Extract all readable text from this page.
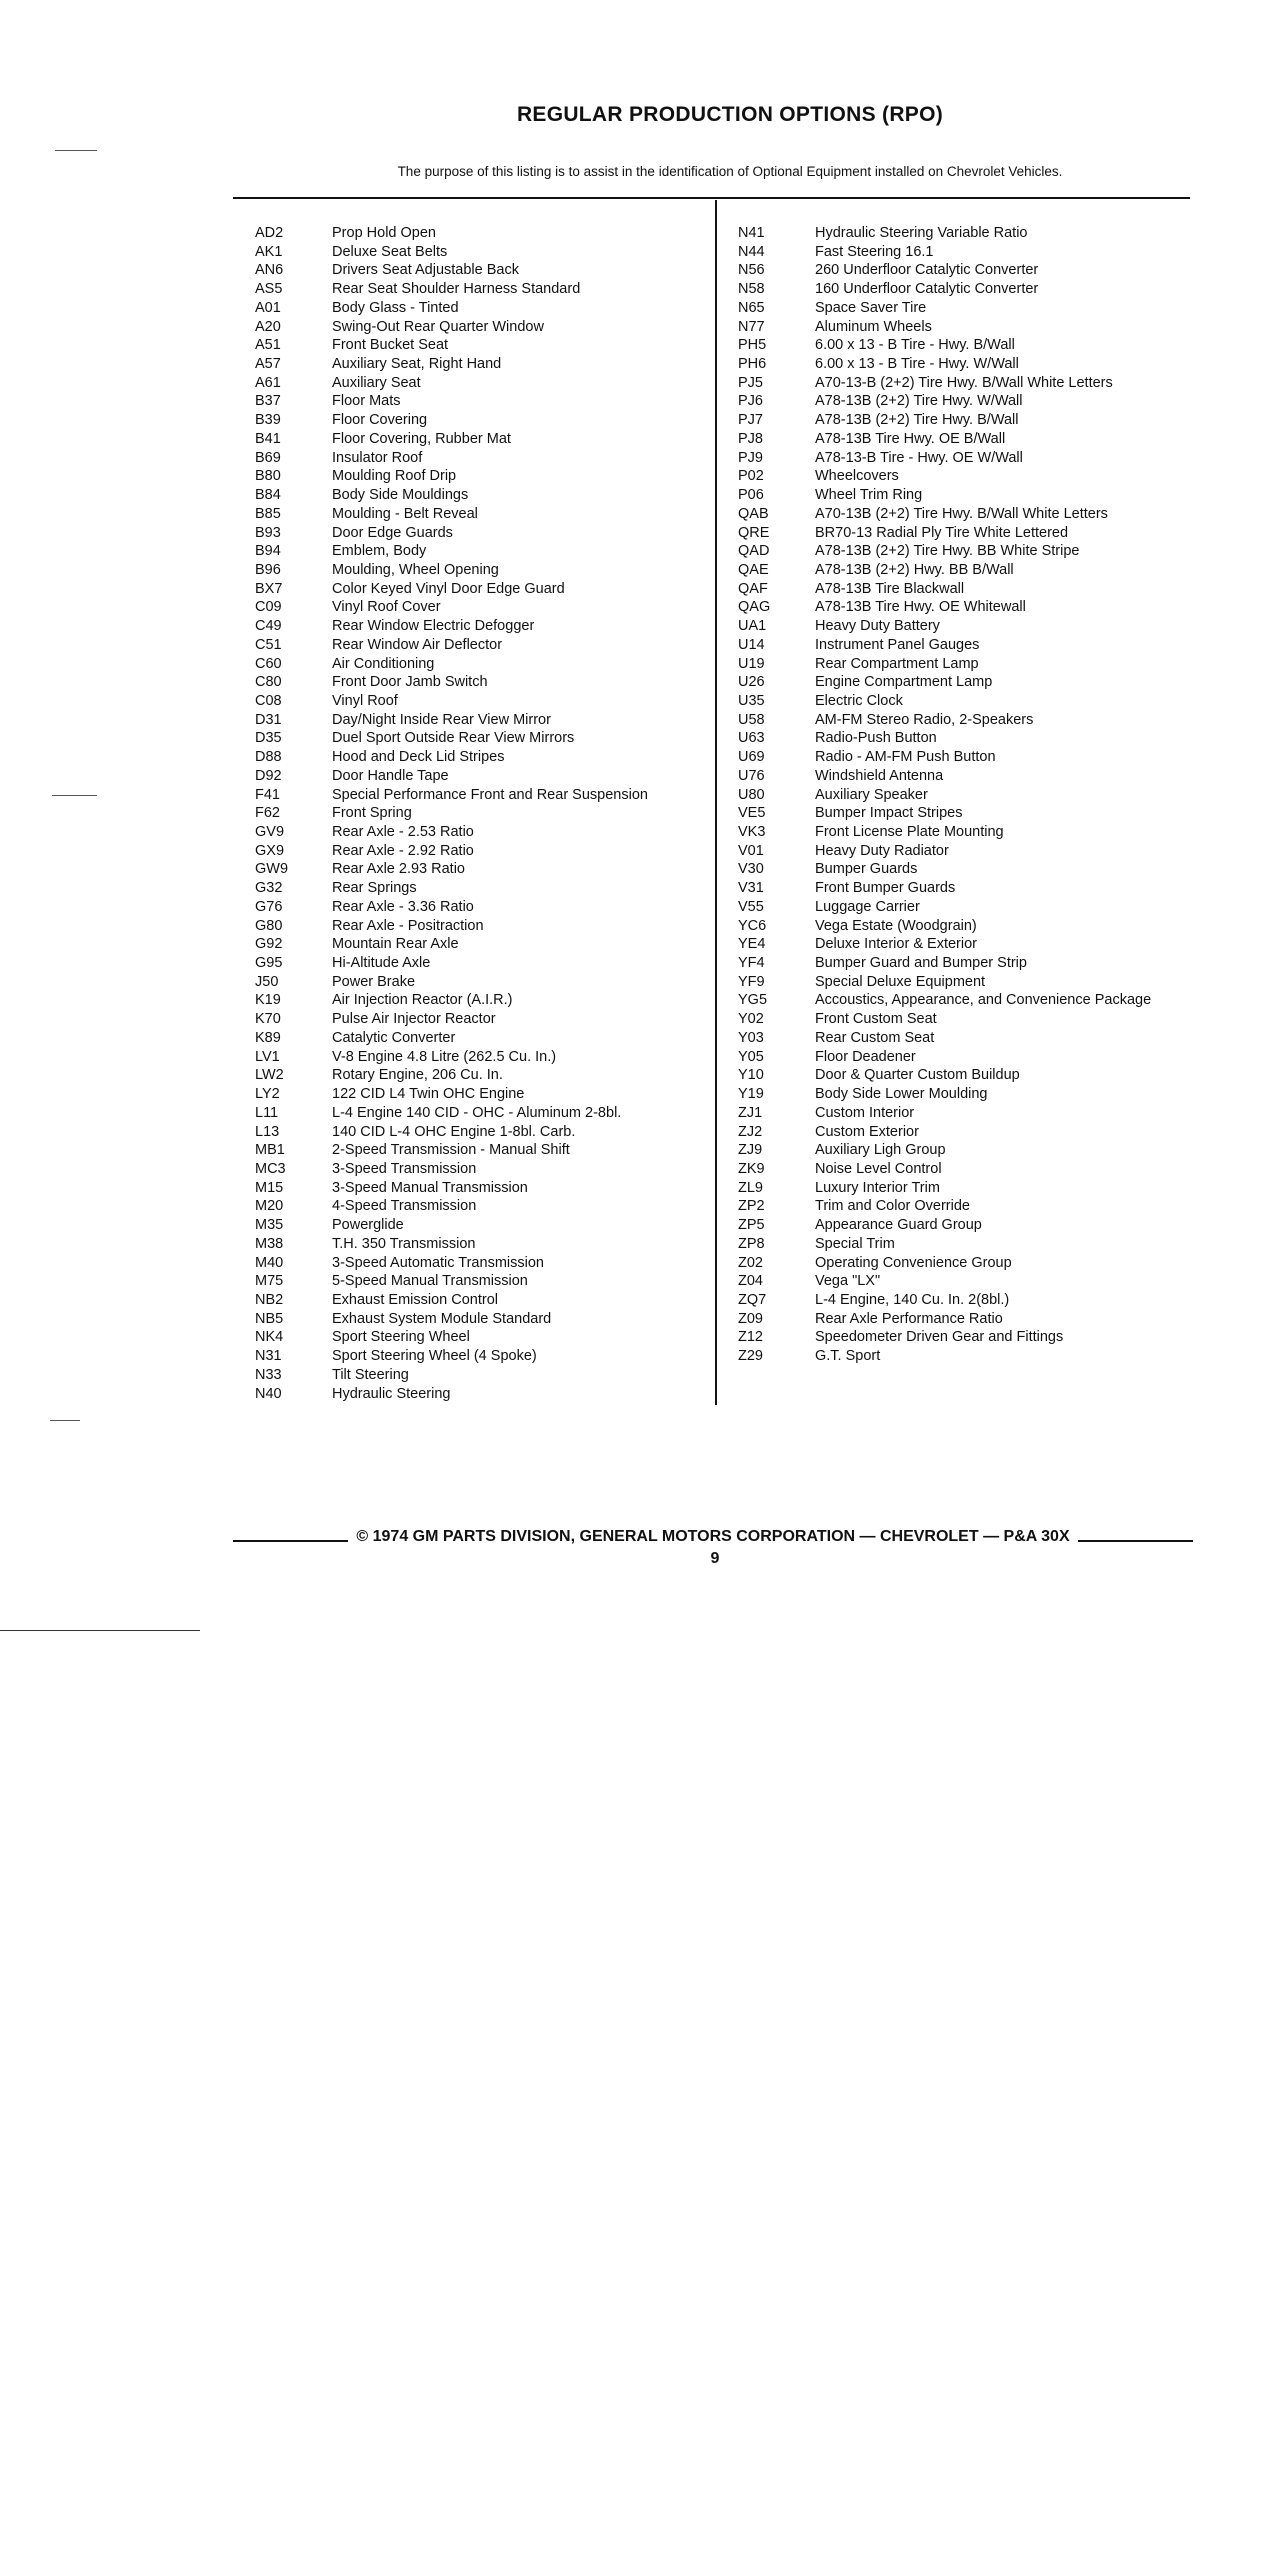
REGULAR PRODUCTION OPTIONS (RPO)
The purpose of this listing is to assist in the identification of Optional Equipment installed on Chevrolet Vehicles.
AD2	Prop Hold Open
AK1	Deluxe Seat Belts
AN6	Drivers Seat Adjustable Back
AS5	Rear Seat Shoulder Harness Standard
A01	Body Glass - Tinted
A20	Swing-Out Rear Quarter Window
A51	Front Bucket Seat
A57	Auxiliary Seat, Right Hand
A61	Auxiliary Seat
B37	Floor Mats
B39	Floor Covering
B41	Floor Covering, Rubber Mat
B69	Insulator Roof
B80	Moulding Roof Drip
B84	Body Side Mouldings
B85	Moulding - Belt Reveal
B93	Door Edge Guards
B94	Emblem, Body
B96	Moulding, Wheel Opening
BX7	Color Keyed Vinyl Door Edge Guard
C09	Vinyl Roof Cover
C49	Rear Window Electric Defogger
C51	Rear Window Air Deflector
C60	Air Conditioning
C80	Front Door Jamb Switch
C08	Vinyl Roof
D31	Day/Night Inside Rear View Mirror
D35	Duel Sport Outside Rear View Mirrors
D88	Hood and Deck Lid Stripes
D92	Door Handle Tape
F41	Special Performance Front and Rear Suspension
F62	Front Spring
GV9	Rear Axle - 2.53 Ratio
GX9	Rear Axle - 2.92 Ratio
GW9	Rear Axle 2.93 Ratio
G32	Rear Springs
G76	Rear Axle - 3.36 Ratio
G80	Rear Axle - Positraction
G92	Mountain Rear Axle
G95	Hi-Altitude Axle
J50	Power Brake
K19	Air Injection Reactor (A.I.R.)
K70	Pulse Air Injector Reactor
K89	Catalytic Converter
LV1	V-8 Engine 4.8 Litre (262.5 Cu. In.)
LW2	Rotary Engine, 206 Cu. In.
LY2	122 CID L4 Twin OHC Engine
L11	L-4 Engine 140 CID - OHC - Aluminum 2-8bl.
L13	140 CID L-4 OHC Engine 1-8bl. Carb.
MB1	2-Speed Transmission - Manual Shift
MC3	3-Speed Transmission
M15	3-Speed Manual Transmission
M20	4-Speed Transmission
M35	Powerglide
M38	T.H. 350 Transmission
M40	3-Speed Automatic Transmission
M75	5-Speed Manual Transmission
NB2	Exhaust Emission Control
NB5	Exhaust System Module Standard
NK4	Sport Steering Wheel
N31	Sport Steering Wheel (4 Spoke)
N33	Tilt Steering
N40	Hydraulic Steering
N41	Hydraulic Steering Variable Ratio
N44	Fast Steering 16.1
N56	260 Underfloor Catalytic Converter
N58	160 Underfloor Catalytic Converter
N65	Space Saver Tire
N77	Aluminum Wheels
PH5	6.00 x 13 - B Tire - Hwy. B/Wall
PH6	6.00 x 13 - B Tire - Hwy. W/Wall
PJ5	A70-13-B (2+2) Tire Hwy. B/Wall White Letters
PJ6	A78-13B (2+2) Tire Hwy. W/Wall
PJ7	A78-13B (2+2) Tire Hwy. B/Wall
PJ8	A78-13B Tire Hwy. OE B/Wall
PJ9	A78-13-B Tire - Hwy. OE W/Wall
P02	Wheelcovers
P06	Wheel Trim Ring
QAB	A70-13B (2+2) Tire Hwy. B/Wall White Letters
QRE	BR70-13 Radial Ply Tire White Lettered
QAD	A78-13B (2+2) Tire Hwy. BB White Stripe
QAE	A78-13B (2+2) Hwy. BB B/Wall
QAF	A78-13B Tire Blackwall
QAG	A78-13B Tire Hwy. OE Whitewall
UA1	Heavy Duty Battery
U14	Instrument Panel Gauges
U19	Rear Compartment Lamp
U26	Engine Compartment Lamp
U35	Electric Clock
U58	AM-FM Stereo Radio, 2-Speakers
U63	Radio-Push Button
U69	Radio - AM-FM Push Button
U76	Windshield Antenna
U80	Auxiliary Speaker
VE5	Bumper Impact Stripes
VK3	Front License Plate Mounting
V01	Heavy Duty Radiator
V30	Bumper Guards
V31	Front Bumper Guards
V55	Luggage Carrier
YC6	Vega Estate (Woodgrain)
YE4	Deluxe Interior & Exterior
YF4	Bumper Guard and Bumper Strip
YF9	Special Deluxe Equipment
YG5	Accoustics, Appearance, and Convenience Package
Y02	Front Custom Seat
Y03	Rear Custom Seat
Y05	Floor Deadener
Y10	Door & Quarter Custom Buildup
Y19	Body Side Lower Moulding
ZJ1	Custom Interior
ZJ2	Custom Exterior
ZJ9	Auxiliary Ligh Group
ZK9	Noise Level Control
ZL9	Luxury Interior Trim
ZP2	Trim and Color Override
ZP5	Appearance Guard Group
ZP8	Special Trim
Z02	Operating Convenience Group
Z04	Vega "LX"
ZQ7	L-4 Engine, 140 Cu. In. 2(8bl.)
Z09	Rear Axle Performance Ratio
Z12	Speedometer Driven Gear and Fittings
Z29	G.T. Sport
© 1974 GM PARTS DIVISION, GENERAL MOTORS CORPORATION — CHEVROLET — P&A 30X
9
